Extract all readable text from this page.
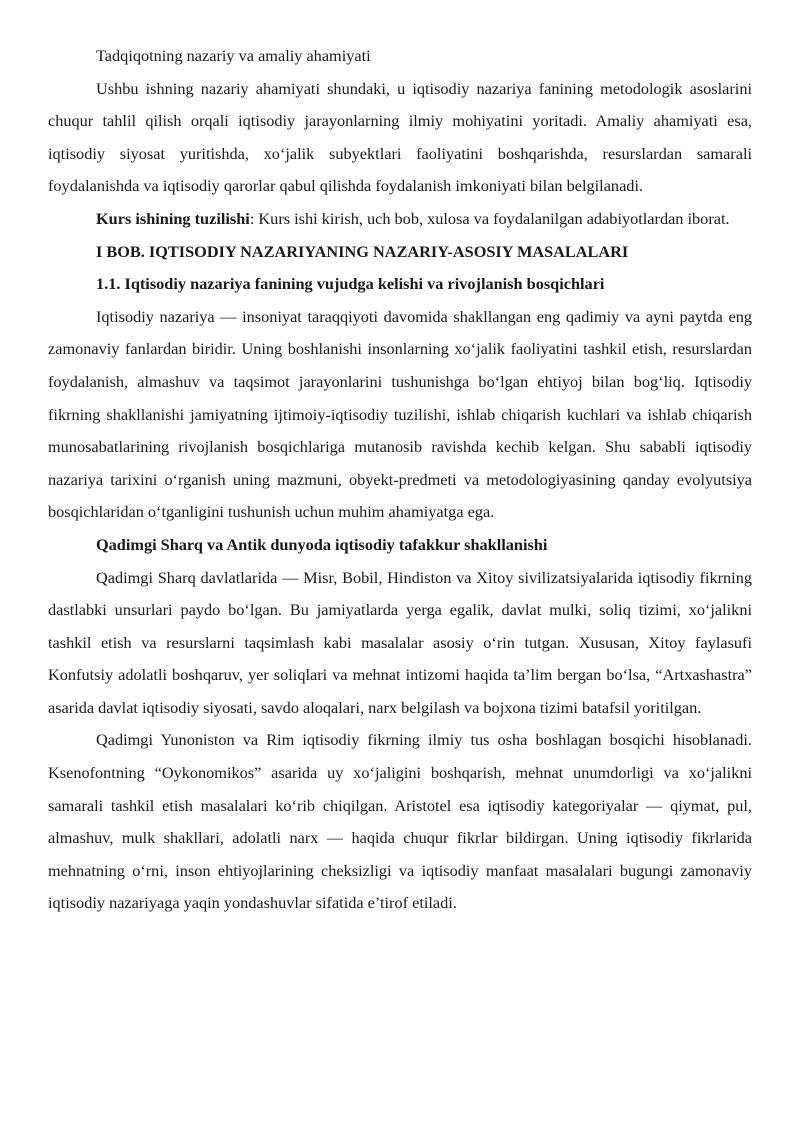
Tadqiqotning nazariy va amaliy ahamiyati

Ushbu ishning nazariy ahamiyati shundaki, u iqtisodiy nazariya fanining metodologik asoslarini chuqur tahlil qilish orqali iqtisodiy jarayonlarning ilmiy mohiyatini yoritadi. Amaliy ahamiyati esa, iqtisodiy siyosat yuritishda, xo‘jalik subyektlari faoliyatini boshqarishda, resurslardan samarali foydalanishda va iqtisodiy qarorlar qabul qilishda foydalanish imkoniyati bilan belgilanadi.

Kurs ishining tuzilishi: Kurs ishi kirish, uch bob, xulosa va foydalanilgan adabiyotlardan iborat.

I BOB. IQTISODIY NAZARIYANING NAZARIY-ASOSIY MASALALARI

1.1. Iqtisodiy nazariya fanining vujudga kelishi va rivojlanish bosqichlari

Iqtisodiy nazariya — insoniyat taraqqiyoti davomida shakllangan eng qadimiy va ayni paytda eng zamonaviy fanlardan biridir. Uning boshlanishi insonlarning xo‘jalik faoliyatini tashkil etish, resurslardan foydalanish, almashuv va taqsimot jarayonlarini tushunishga bo‘lgan ehtiyoj bilan bog‘liq. Iqtisodiy fikrning shakllanishi jamiyatning ijtimoiy-iqtisodiy tuzilishi, ishlab chiqarish kuchlari va ishlab chiqarish munosabatlarining rivojlanish bosqichlariga mutanosib ravishda kechib kelgan. Shu sababli iqtisodiy nazariya tarixini o‘rganish uning mazmuni, obyekt-predmeti va metodologiyasining qanday evolyutsiya bosqichlaridan o‘tganligini tushunish uchun muhim ahamiyatga ega.

Qadimgi Sharq va Antik dunyoda iqtisodiy tafakkur shakllanishi

Qadimgi Sharq davlatlarida — Misr, Bobil, Hindiston va Xitoy sivilizatsiyalarida iqtisodiy fikrning dastlabki unsurlari paydo bo‘lgan. Bu jamiyatlarda yerga egalik, davlat mulki, soliq tizimi, xo‘jalikni tashkil etish va resurslarni taqsimlash kabi masalalar asosiy o‘rin tutgan. Xususan, Xitoy faylasufi Konfutsiy adolatli boshqaruv, yer soliqlari va mehnat intizomi haqida ta’lim bergan bo‘lsa, “Artxashastra” asarida davlat iqtisodiy siyosati, savdo aloqalari, narx belgilash va bojxona tizimi batafsil yoritilgan.

Qadimgi Yunoniston va Rim iqtisodiy fikrning ilmiy tus osha boshlagan bosqichi hisoblanadi. Ksenofontning “Oykonomikos” asarida uy xo‘jaligini boshqarish, mehnat unumdorligi va xo‘jalikni samarali tashkil etish masalalari ko‘rib chiqilgan. Aristotel esa iqtisodiy kategoriyalar — qiymat, pul, almashuv, mulk shakllari, adolatli narx — haqida chuqur fikrlar bildirgan. Uning iqtisodiy fikrlarida mehnatning o‘rni, inson ehtiyojlarining cheksizligi va iqtisodiy manfaat masalalari bugungi zamonaviy iqtisodiy nazariyaga yaqin yondashuvlar sifatida e’tirof etiladi.
